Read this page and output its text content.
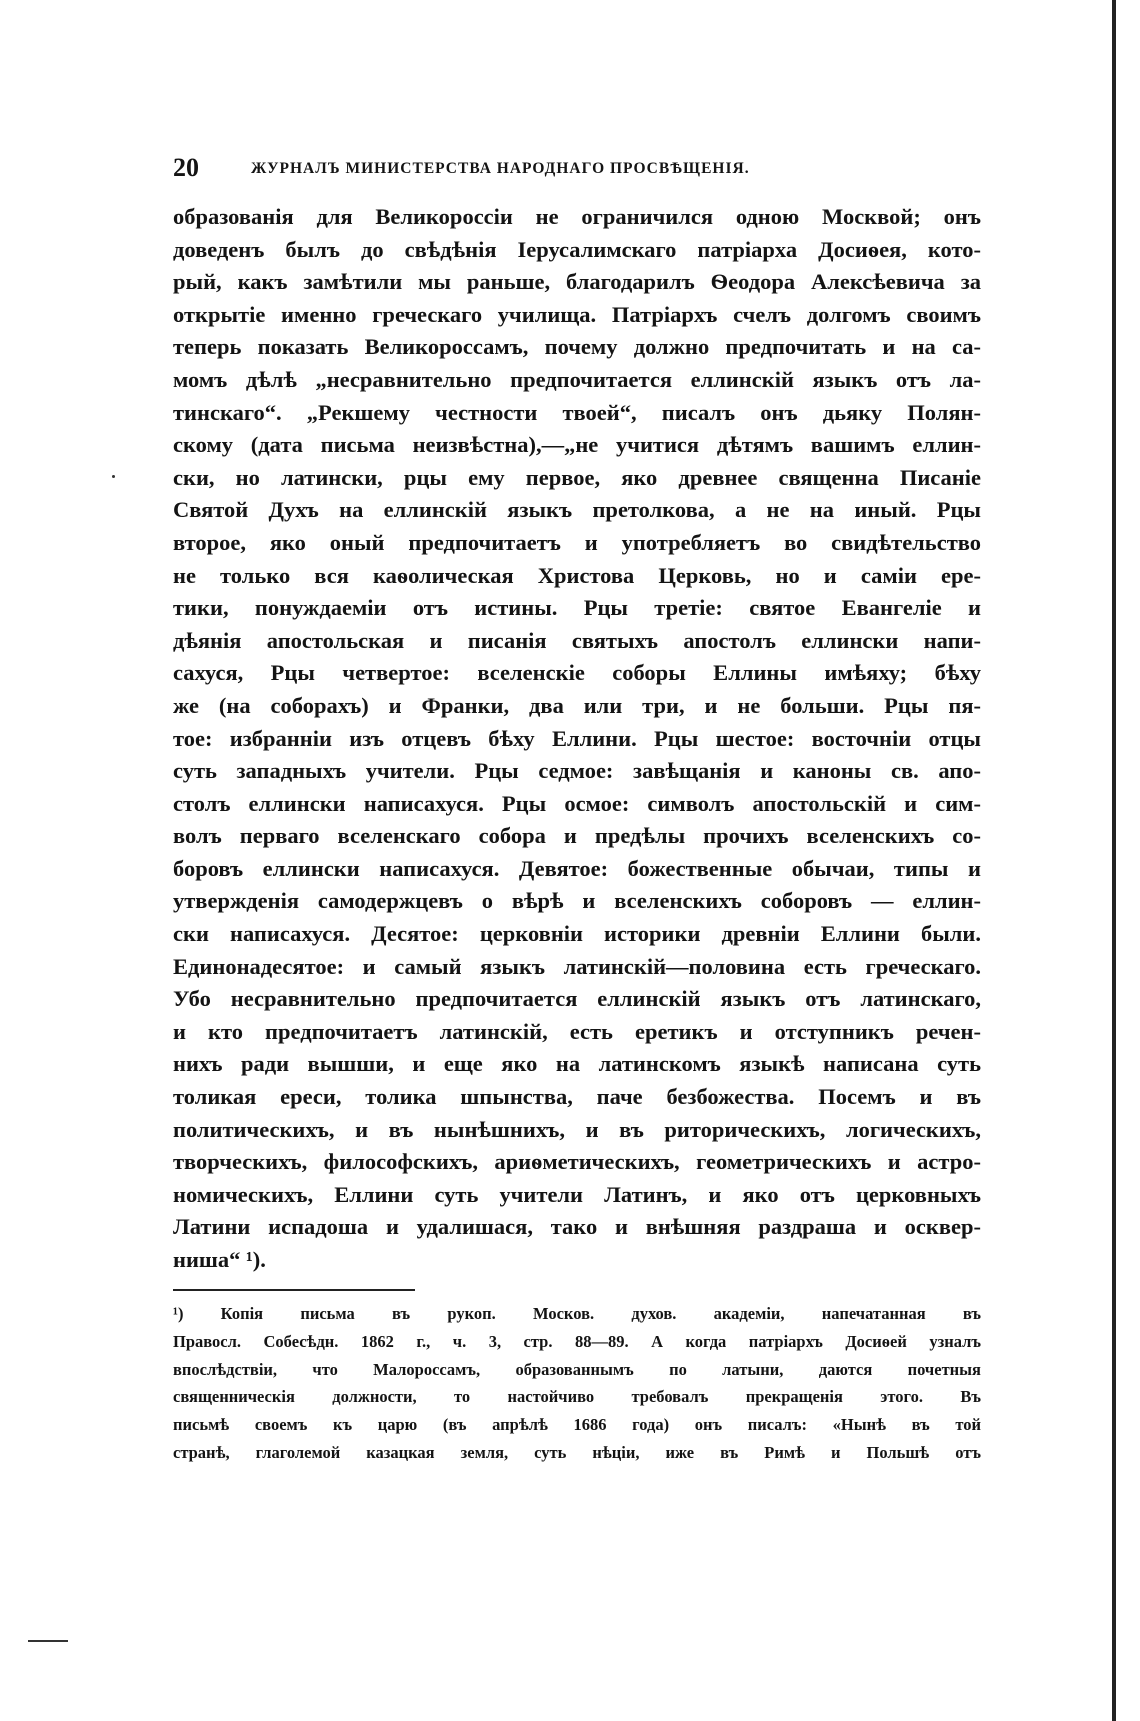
20	ЖУРНАЛЪ МИНИСТЕРСТВА НАРОДНАГО ПРОСВѢЩЕНІЯ.
образованія для Великороссіи не ограничился одною Москвой; онъ
доведенъ былъ до свѣдѣнія Іерусалимскаго патріарха Досиѳея, кото-
рый, какъ замѣтили мы раньше, благодарилъ Ѳеодора Алексѣевича за
открытіе именно греческаго училища. Патріархъ счелъ долгомъ своимъ
теперь показать Великороссамъ, почему должно предпочитать и на са-
момъ дѣлѣ „несравнительно предпочитается еллинскій языкъ отъ ла-
тинскаго“. „Рекшему честности твоей“, писалъ онъ дьяку Полян-
скому (дата письма неизвѣстна),—„не учитися дѣтямъ вашимъ еллин-
ски, но латински, рцы ему первое, яко древнее священна Писаніе
Святой Духъ на еллинскій языкъ претолкова, а не на иный. Рцы
второе, яко оный предпочитаетъ и употребляетъ во свидѣтельство
не только вся каѳолическая Христова Церковь, но и саміи ере-
тики, понуждаеміи отъ истины. Рцы третіе: святое Евангеліе и
дѣянія апостольская и писанія святыхъ апостолъ еллински напи-
сахуся, Рцы четвертое: вселенскіе соборы Еллины имѣяху; бѣху
же (на соборахъ) и Франки, два или три, и не больши. Рцы пя-
тое: избранніи изъ отцевъ бѣху Еллини. Рцы шестое: восточніи отцы
суть западныхъ учители. Рцы седмое: завѣщанія и каноны св. апо-
столъ еллински написахуся. Рцы осмое: символъ апостольскій и сим-
волъ перваго вселенскаго собора и предѣлы прочихъ вселенскихъ со-
боровъ еллински написахуся. Девятое: божественные обычаи, типы и
утвержденія самодержцевъ о вѣрѣ и вселенскихъ соборовъ — еллин-
ски написахуся. Десятое: церковніи историки древніи Еллини были.
Единонадесятое: и самый языкъ латинскій—половина есть греческаго.
Убо несравнительно предпочитается еллинскій языкъ отъ латинскаго,
и кто предпочитаетъ латинскій, есть еретикъ и отступникъ речен-
нихъ ради вышши, и еще яко на латинскомъ языкѣ написана суть
толикая ереси, толика шпынства, паче безбожества. Посемъ и въ
политическихъ, и въ нынѣшнихъ, и въ риторическихъ, логическихъ,
творческихъ, философскихъ, ариѳметическихъ, геометрическихъ и астро-
номическихъ, Еллини суть учители Латинъ, и яко отъ церковныхъ
Латини испадоша и удалишася, тако и внѣшняя раздраша и осквер-
ниша“ ¹).
¹) Копія письма въ рукоп. Москов. духов. академіи, напечатанная въ
Правосл. Собесѣдн. 1862 г., ч. 3, стр. 88—89. А когда патріархъ Досиѳей узналъ
впослѣдствіи, что Малороссамъ, образованнымъ по латыни, даются почетныя
священническія должности, то настойчиво требовалъ прекращенія этого. Въ
письмѣ своемъ къ царю (въ апрѣлѣ 1686 года) онъ писалъ: «Нынѣ въ той
странѣ, глаголемой казацкая земля, суть нѣціи, иже въ Римѣ и Польшѣ отъ
